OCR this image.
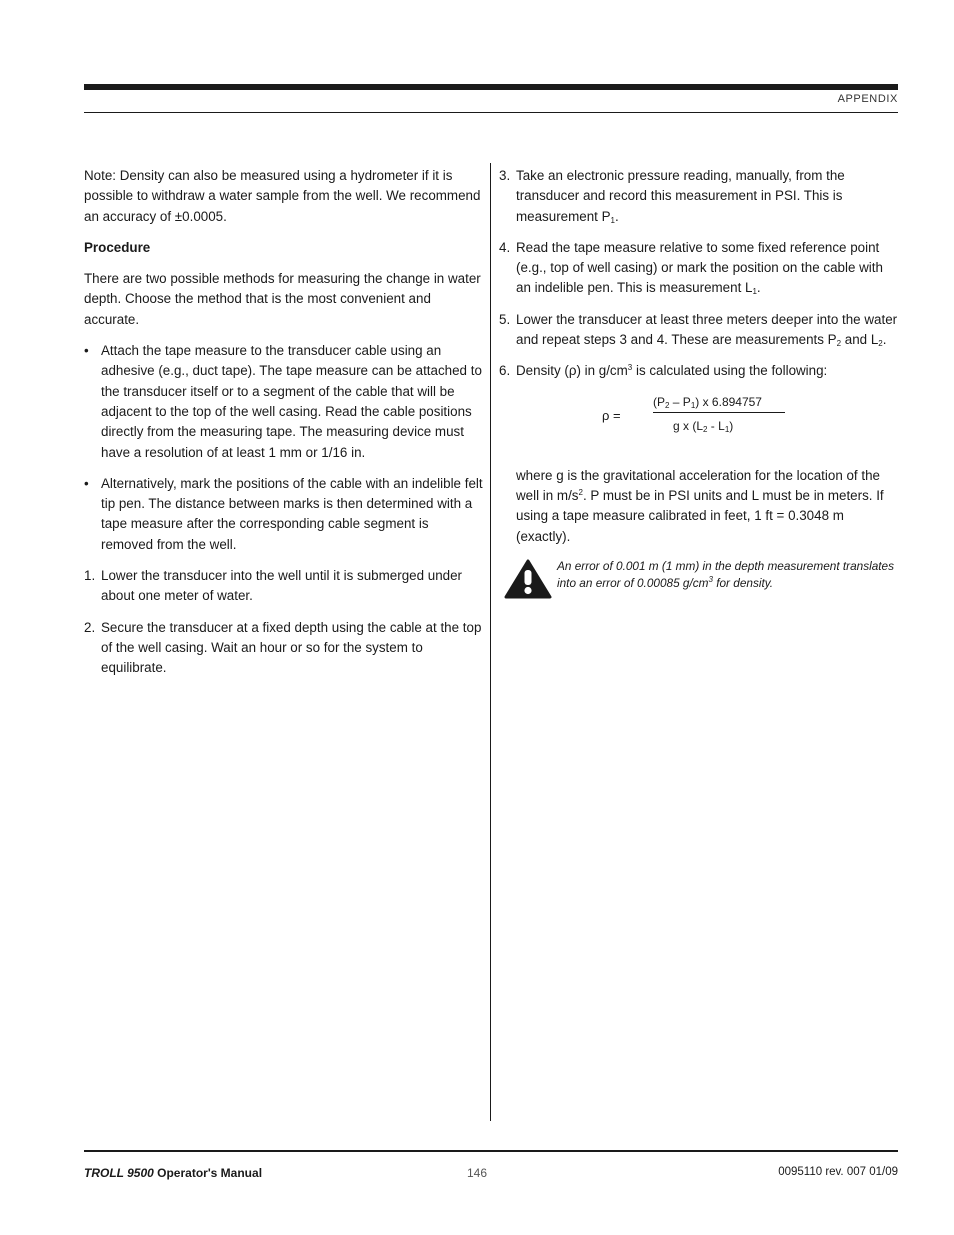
APPENDIX

Note: Density can also be measured using a hydrometer if it is possible to withdraw a water sample from the well. We recommend an accuracy of ±0.0005.

Procedure

There are two possible methods for measuring the change in water depth. Choose the method that is the most convenient and accurate.

• Attach the tape measure to the transducer cable using an adhesive (e.g., duct tape). The tape measure can be attached to the transducer itself or to a segment of the cable that will be adjacent to the top of the well casing. Read the cable positions directly from the measuring tape. The measuring device must have a resolution of at least 1 mm or 1/16 in.
• Alternatively, mark the positions of the cable with an indelible felt tip pen. The distance between marks is then determined with a tape measure after the corresponding cable segment is removed from the well.
1. Lower the transducer into the well until it is submerged under about one meter of water.
2. Secure the transducer at a fixed depth using the cable at the top of the well casing. Wait an hour or so for the system to equilibrate.
3. Take an electronic pressure reading, manually, from the transducer and record this measurement in PSI. This is measurement $P_1$.
4. Read the tape measure relative to some fixed reference point (e.g., top of well casing) or mark the position on the cable with an indelible pen. This is measurement $L_1$.
5. Lower the transducer at least three meters deeper into the water and repeat steps 3 and 4. These are measurements $P_2$ and $L_2$.
6. Density (ρ) in $g/cm^3$ is calculated using the following:
ρ =
$(P_2 - P_1)$ x 6.894757
g x $(L_2 - L_1)$

where g is the gravitational acceleration for the location of the well in $m/s^2$. P must be in PSI units and L must be in meters. If using a tape measure calibrated in feet, 1 ft = 0.3048 m (exactly).

An error of 0.001 m (1 mm) in the depth measurement translates into an error of 0.00085 $g/cm^3$ for density.
TROLL 9500 Operator's Manual	146	0095110 rev. 007 01/09
